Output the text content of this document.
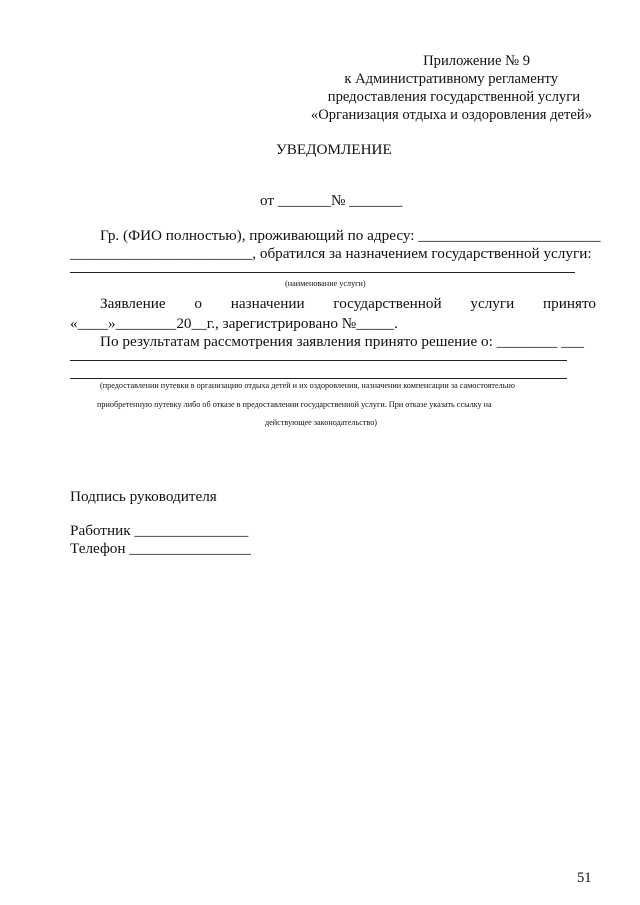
Приложение № 9
к Административному регламенту
предоставления государственной услуги
«Организация отдыха и оздоровления детей»
УВЕДОМЛЕНИЕ
от _______№ _______
Гр. (ФИО полностью), проживающий по адресу: ________________________
________________________, обратился за назначением государственной услуги:
(наименование услуги)
Заявление о назначении государственной услуги принято
«____»________20__г., зарегистрировано №_____.
По результатам рассмотрения заявления принято решение о: ________ ___
(предоставлении путевки в организацию отдыха детей и их оздоровления, назначении компенсации за самостоятельно
приобретенную путевку либо об отказе в предоставлении государственной услуги. При отказе указать ссылку на
действующее законодательство)
Подпись руководителя
Работник _______________
Телефон ________________
51
